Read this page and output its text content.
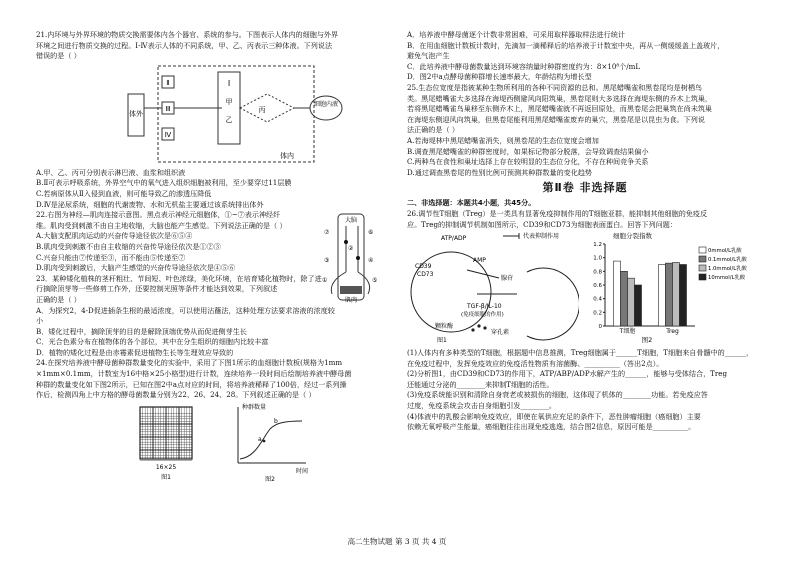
21.内环境与外界环境的物质交换需要体内各个器官、系统的参与。下图表示人体内的细胞与外界
环境之间进行物质交换的过程。Ⅰ-Ⅳ表示人体的不同系统，甲、乙、丙表示三种体液。下列说法
错误的是（ ）
体外
Ⅱ
Ⅲ
Ⅳ
Ⅰ
甲
乙
丙
细胞内液
体内
A.甲、乙、丙可分别表示淋巴液、血浆和组织液
B.Ⅱ可表示呼吸系统，外界空气中的氧气进入组织细胞被利用，至少要穿过11层膜
C.若病原体从Ⅱ入侵到血液，则可能导致乙的渗透压降低
D.Ⅳ是泌尿系统，细胞的代谢废物、水和无机盐主要通过该系统排出体外
22.右图为神经—肌肉连接示意图。黑点表示神经元细胞体，①~⑦表示神经纤
维。肌肉受到刺激不由自主地收缩，大脑也能产生感觉。下列说法正确的是（ ）
A.大脑支配肌肉运动的兴奋传导途径依次是⑥⑤④
B.肌肉受到刺激不由自主收缩的兴奋传导途径依次是①②③
C.兴奋只能由⑦传递至③，而不能由⑤传递至⑦
D.肌肉受到刺激后，大脑产生感觉的兴奋传导途径依次是④⑤⑥
大脑
肌肉
⑦	⑥
③	④
①	⑤
②
23．某种矮化植株的茎秆粗壮、节间短、叶色浓绿，美化环境，在培育矮化植物时，除了进
行摘除顶芽等一些修剪工作外，还要控制光照等条件才能达到效果，下列叙述
正确的是（ ）
A．为探究2，4-D促进插条生根的最适浓度，可以使用沾蘸法，这种处理方法要求溶液的浓度较
小
B．矮化过程中，摘除顶芽的目的是解除顶端优势从而促进侧芽生长
C．光合色素分布在植物体的各个部位，其中在分生组织的细胞内比较丰富
D．植物的矮化过程是由赤霉素促进植物生长等生理效应导致的
24.在探究培养液中酵母菌种群数量变化的实验中，采用了下图1所示的血细胞计数板(规格为1mm
×1mm×0.1mm，计数室为16中格×25小格型)进行计数，连续培养一段时间后绘制培养液中酵母菌
种群的数量变化如下图2所示，已知在图2中a点对应的时间，将培养液稀释了100倍，经过一系列操
作后，检测四角上中方格的酵母菌数量分别为22、26、24、28。下列叙述正确的是（ ）
16×25
图1
种群数量
时间
a
b
图2
A．培养液中酵母菌逐个计数非常困难，可采用取样器取样法进行统计
B．在用血细胞计数板计数时，先滴加一滴稀释后的培养液于计数室中央，再从一侧缓缓盖上盖玻片，
避免气泡产生
C．此培养液中酵母菌数量达到环境容纳量时种群密度约为：8×10⁸个/mL
D．图2中a点酵母菌种群增长速率最大，年龄结构为增长型
25.生态位宽度是指被某种生物所利用的各种不同资源的总和。黑尾蜡嘴雀和黑卷尾均是树栖鸟
类。黑尾蜡嘴雀大多选择在海堤西侧避风向阳筑巢，黑卷尾则大多选择在海堤东侧的乔木上筑巢，
若将黑尾蜡嘴雀鸟巢移至东侧乔木上，黑尾蜡嘴雀就不再返回原处，而黑卷尾会把巢筑在尚未筑巢
在海堤东侧迎风向筑巢，但黑卷尾能利用黑尾蜡嘴雀废弃的巢穴，黑卷尾是以昆虫为食。下列说
法正确的是（ ）
A.若海堤林中黑尾蜡嘴雀消失，则黑卷尾的生态位宽度会增加
B.调查黑尾蜡嘴雀的种群密度时，如果标记物部分脱落，会导致调查结果偏小
C.两种鸟在食性和巢址选择上存在较明显的生态位分化，不存在种间竞争关系
D.通过调查黑卷尾的性别比例可预测其种群数量的变化趋势
第Ⅱ卷 非选择题
二、非选择题：本题共4小题，共45分。
26.调节性T细胞（Treg）是一类具有显著免疫抑制作用的T细胞亚群，能抑制其他细胞的免疫反
应。Treg的抑制调节机制如图所示，CD39和CD73为细胞表面蛋白。回答下列问题：
代表抑制作用
ATP/ADP
CD39
CD73
AMP
腺苷
TGF-β/IL-10
(免疫细胞的作用)
颗粒酶
穿孔素
图1
细胞分裂指数
0
0.2
0.4
0.6
0.8
1.0
1.2
T细胞	Treg
0mmol/L乳酸
0.1mmol/L乳酸
1.0mmol/L乳酸
10mmol/L乳酸
图2
(1)人体内有多种类型的T细胞，根据题中信息推测，Treg细胞属于______T细胞，T细胞来自骨髓中的______，
在免疫过程中，发挥免疫效应的免疫活性物质有溶菌酶、__________（答出2点）。
(2)分析图1，由CD39和CD73的作用下，ATP/ABP/ADP水解产生的______，能够与受体结合，Treg
还能通过分泌的________来抑制T细胞的活性。
(3)免疫系统能识别和清除自身衰老或被损伤的细胞，这体现了机体的________功能。若免疫应答
过度，免疫系统会攻击自身细胞引发________。
(4)体液中的乳酸会影响免疫效应，即使在氧供应充足的条件下，恶性肿瘤细胞（癌细胞）主要
依赖无氧呼吸产生能量，癌细胞往往出现免疫逃逸，结合图2信息，原因可能是__________。
高二生物试题 第 3 页 共 4 页
